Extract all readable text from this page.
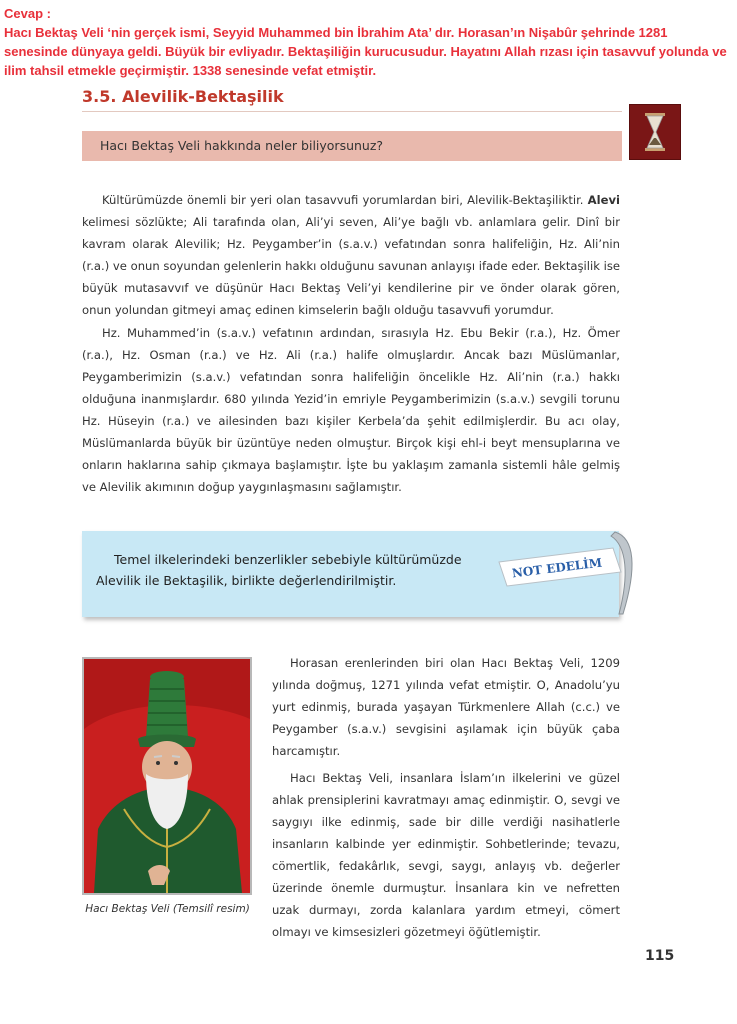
Cevap :
Hacı Bektaş Veli ‘nin gerçek ismi, Seyyid Muhammed bin İbrahim Ata’ dır. Horasan’ın Nişabûr şehrinde 1281 senesinde dünyaya geldi. Büyük bir evliyadır. Bektaşiliğin kurucusudur. Hayatını Allah rızası için tasavvuf yolunda ve ilim tahsil etmekle geçirmiştir. 1338 senesinde vefat etmiştir.
3.5. Alevilik-Bektaşilik
Hacı Bektaş Veli hakkında neler biliyorsunuz?

Kültürümüzde önemli bir yeri olan tasavvufi yorumlardan biri, Alevilik-Bektaşiliktir. Alevi kelimesi sözlükte; Ali tarafında olan, Ali’yi seven, Ali’ye bağlı vb. anlamlara gelir. Dinî bir kavram olarak Alevilik; Hz. Peygamber’in (s.a.v.) vefatından sonra halifeliğin, Hz. Ali’nin (r.a.) ve onun soyundan gelenlerin hakkı olduğunu savunan anlayışı ifade eder. Bektaşilik ise büyük mutasavvıf ve düşünür Hacı Bektaş Veli’yi kendilerine pir ve önder olarak gören, onun yolundan gitmeyi amaç edinen kimselerin bağlı olduğu tasavvufi yorumdur.

Hz. Muhammed’in (s.a.v.) vefatının ardından, sırasıyla Hz. Ebu Bekir (r.a.), Hz. Ömer (r.a.), Hz. Osman (r.a.) ve Hz. Ali (r.a.) halife olmuşlardır. Ancak bazı Müslümanlar, Peygamberimizin (s.a.v.) vefatından sonra halifeliğin öncelikle Hz. Ali’nin (r.a.) hakkı olduğuna inanmışlardır. 680 yılında Yezid’in emriyle Peygamberimizin (s.a.v.) sevgili torunu Hz. Hüseyin (r.a.) ve ailesinden bazı kişiler Kerbela’da şehit edilmişlerdir. Bu acı olay, Müslümanlarda büyük bir üzüntüye neden olmuştur. Birçok kişi ehl-i beyt mensuplarına ve onların haklarına sahip çıkmaya başlamıştır. İşte bu yaklaşım zamanla sistemli hâle gelmiş ve Alevilik akımının doğup yaygınlaşmasını sağlamıştır.

Temel ilkelerindeki benzerlikler sebebiyle kültürümüzde Alevilik ile Bektaşilik, birlikte değerlendirilmiştir.
NOT EDELİM
Hacı Bektaş Veli (Temsilî resim)

Horasan erenlerinden biri olan Hacı Bektaş Veli, 1209 yılında doğmuş, 1271 yılında vefat etmiştir. O, Anadolu’yu yurt edinmiş, burada yaşayan Türkmenlere Allah (c.c.) ve Peygamber (s.a.v.) sevgisini aşılamak için büyük çaba harcamıştır.

Hacı Bektaş Veli, insanlara İslam’ın ilkelerini ve güzel ahlak prensiplerini kavratmayı amaç edinmiştir. O, sevgi ve saygıyı ilke edinmiş, sade bir dille verdiği nasihatlerle insanların kalbinde yer edinmiştir. Sohbetlerinde; tevazu, cömertlik, fedakârlık, sevgi, saygı, anlayış vb. değerler üzerinde önemle durmuştur. İnsanlara kin ve nefretten uzak durmayı, zorda kalanlara yardım etmeyi, cömert olmayı ve kimsesizleri gözetmeyi öğütlemiştir.

115
